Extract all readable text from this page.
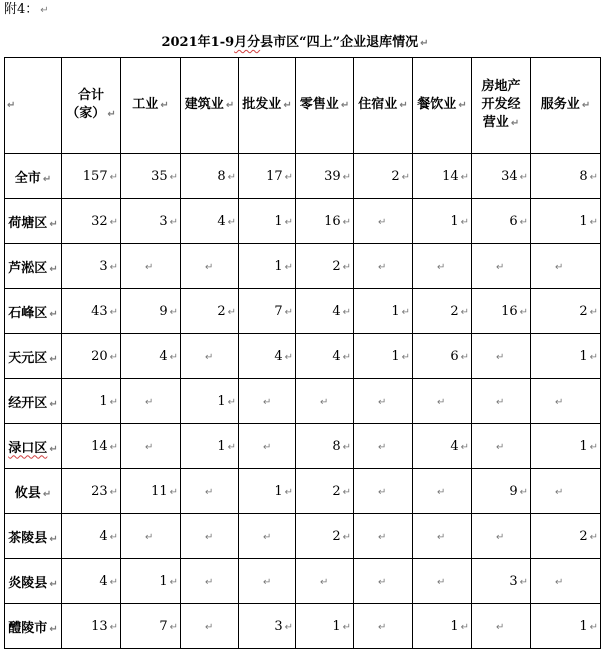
附4： ↵
2021年1-9月分县市区“四上”企业退库情况 ↵
↵	合计
（家） ↵	工业 ↵	建筑业 ↵	批发业 ↵	零售业 ↵	住宿业 ↵	餐饮业 ↵	房地产
开发经
营业 ↵	服务业 ↵
全市 ↵	157 ↵	35 ↵	8 ↵	17 ↵	39 ↵	2 ↵	14 ↵	34 ↵	8 ↵
荷塘区 ↵	32 ↵	3 ↵	4 ↵	1 ↵	16 ↵	↵	1 ↵	6 ↵	1 ↵
芦淞区 ↵	3 ↵	↵	↵	1 ↵	2 ↵	↵	↵	↵	↵
石峰区 ↵	43 ↵	9 ↵	2 ↵	7 ↵	4 ↵	1 ↵	2 ↵	16 ↵	2 ↵
天元区 ↵	20 ↵	4 ↵	↵	4 ↵	4 ↵	1 ↵	6 ↵	↵	1 ↵
经开区 ↵	1 ↵	↵	1 ↵	↵	↵	↵	↵	↵	↵
渌口区 ↵	14 ↵	↵	1 ↵	↵	8 ↵	↵	4 ↵	↵	1 ↵
攸县 ↵	23 ↵	11 ↵	↵	1 ↵	2 ↵	↵	↵	9 ↵	↵
茶陵县 ↵	4 ↵	↵	↵	↵	2 ↵	↵	↵	↵	2 ↵
炎陵县 ↵	4 ↵	1 ↵	↵	↵	↵	↵	↵	3 ↵	↵
醴陵市 ↵	13 ↵	7 ↵	↵	3 ↵	1 ↵	↵	1 ↵	↵	1 ↵
